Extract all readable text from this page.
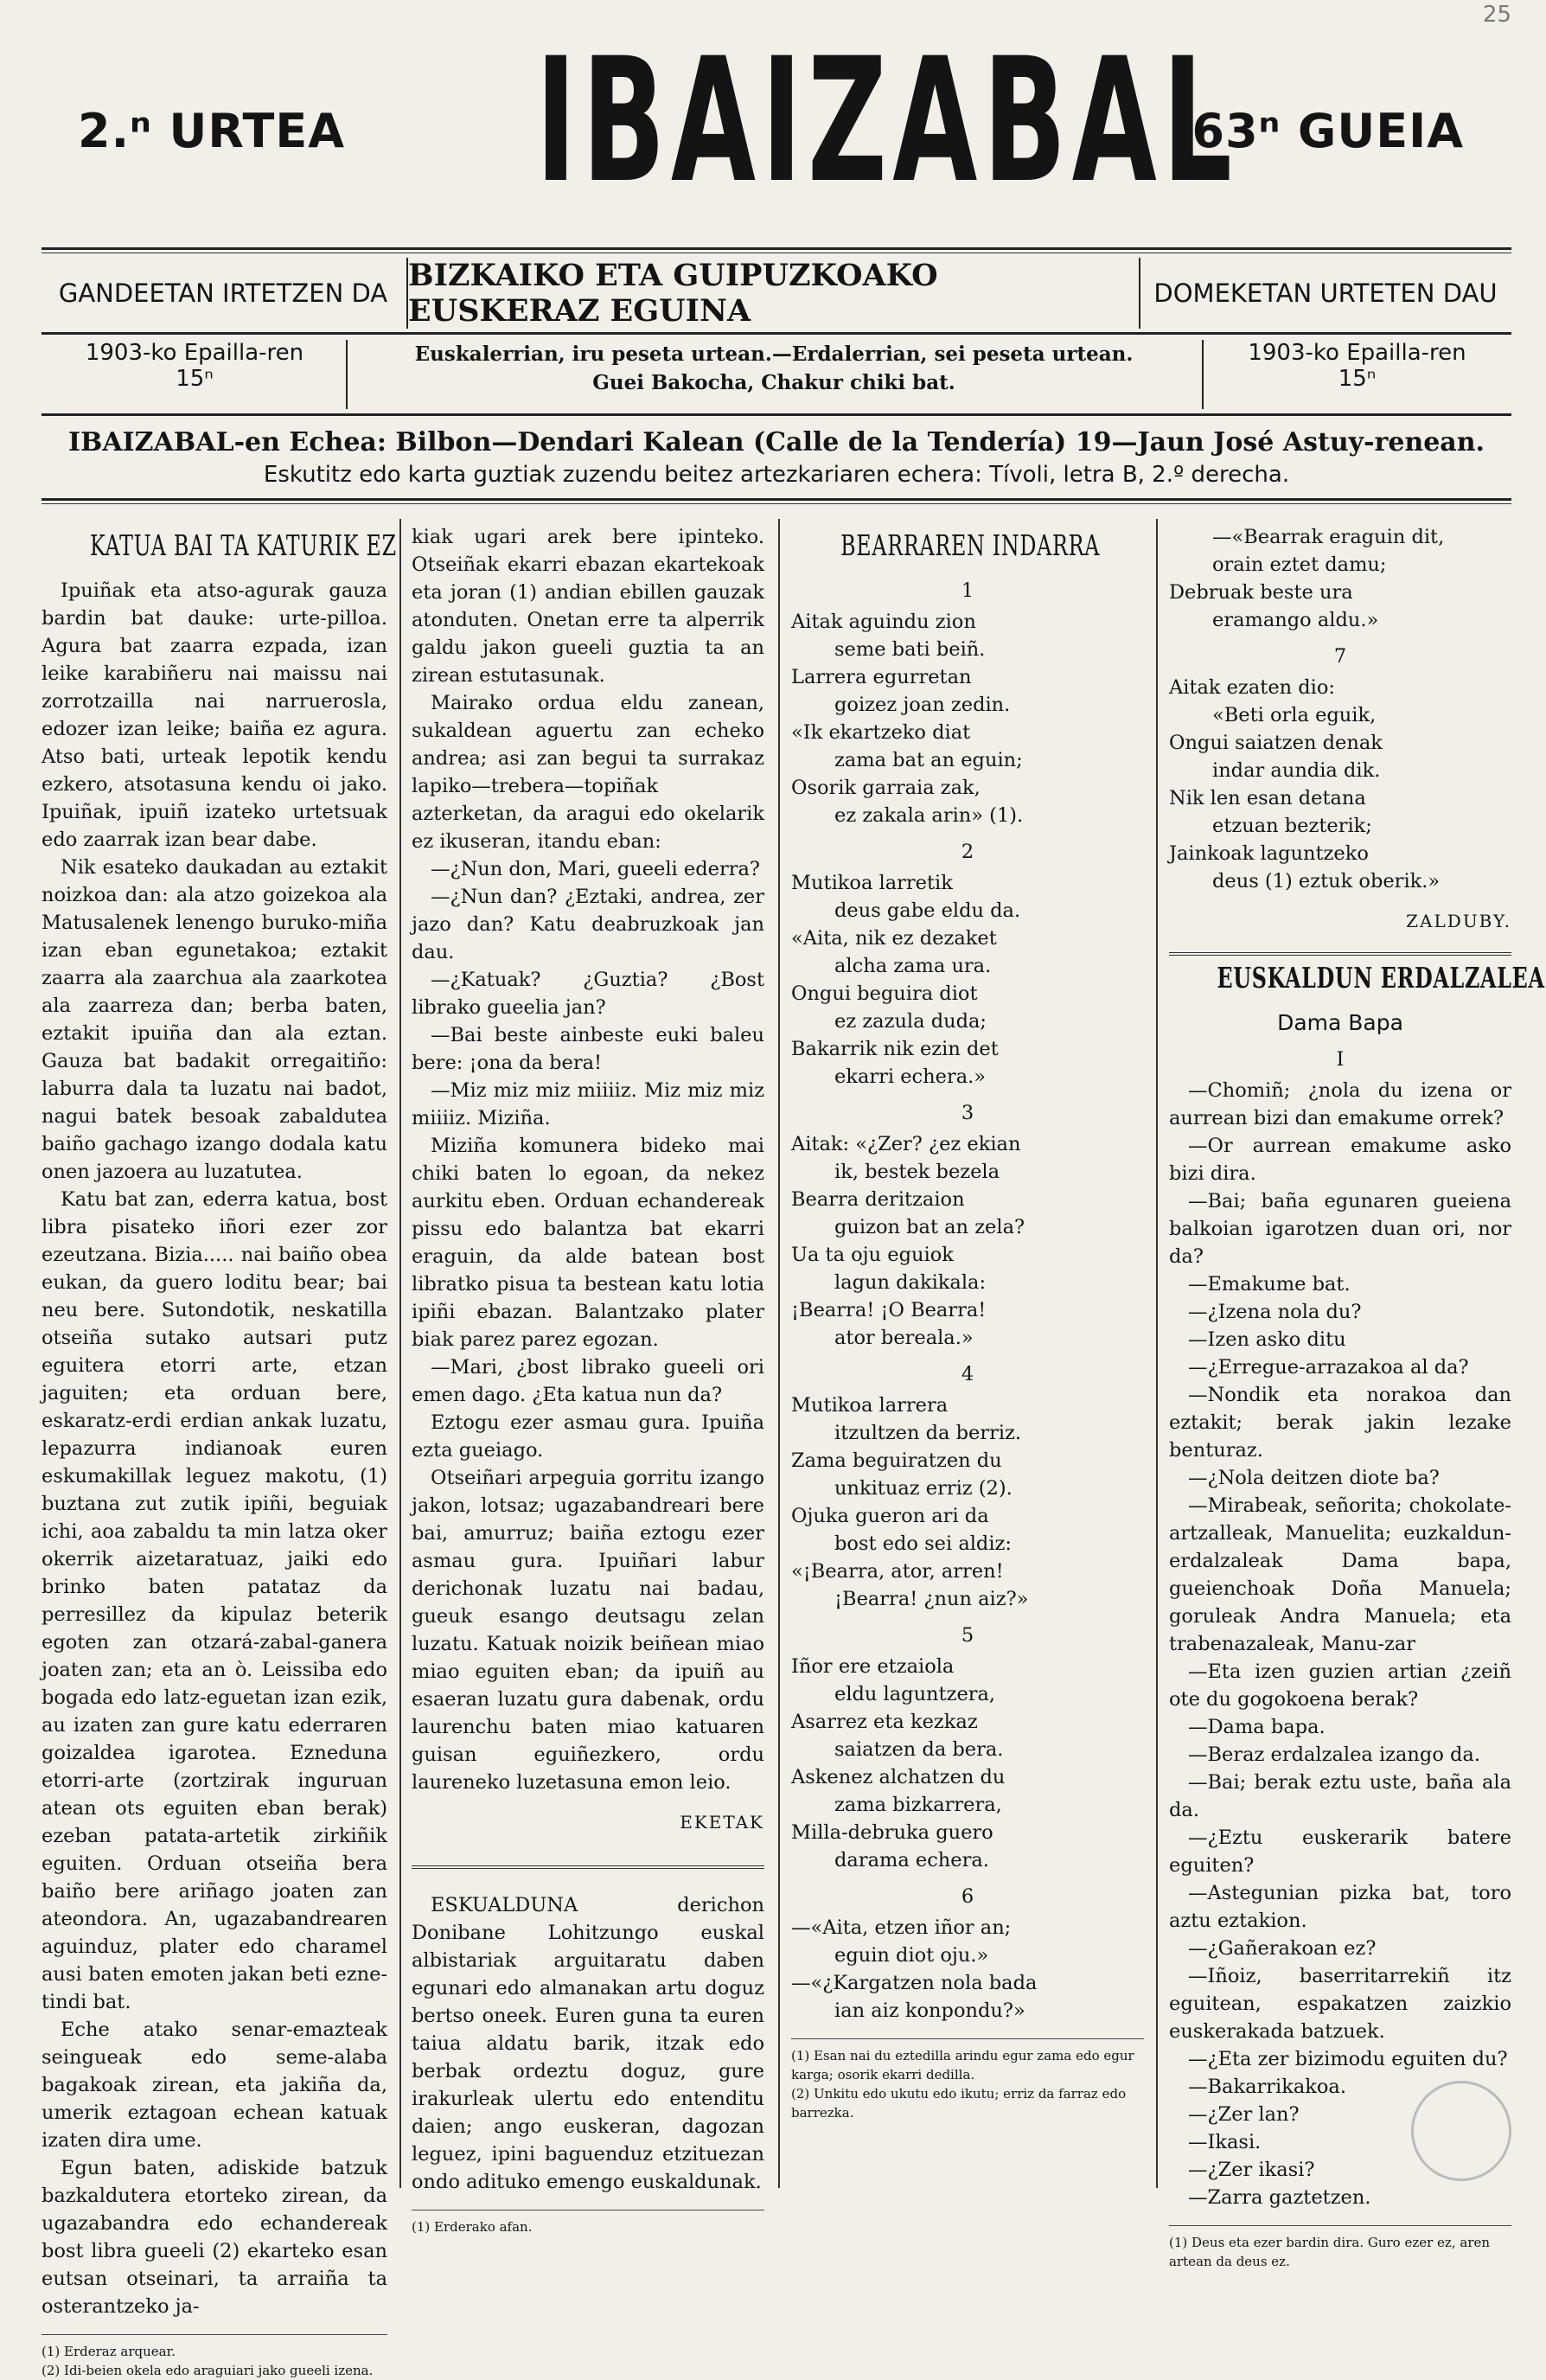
25
2.ⁿ URTEA IBAIZABAL
63ⁿ GUEIA
GANDEETAN IRTETZEN DA BIZKAIKO ETA GUIPUZKOAKO EUSKERAZ EGUINA	DOMEKETAN URTETEN DAU
1903-ko Epailla-ren
15ⁿ
Euskalerrian, iru peseta urtean.—Erdalerrian, sei peseta urtean.
Guei Bakocha, Chakur chiki bat.
1903-ko Epailla-ren
15ⁿ
IBAIZABAL-en Echea: Bilbon—Dendari Kalean (Calle de la Tendería) 19—Jaun José Astuy-renean.
Eskutitz edo karta guztiak zuzendu beitez artezkariaren echera: Tívoli, letra B, 2.º derecha.
KATUA BAI TA KATURIK EZ

Ipuiñak eta atso-agurak gauza bardin bat dauke: urte-pilloa. Agura bat zaarra ezpada, izan leike karabiñeru nai maissu nai zorrotzailla nai narruerosla, edozer izan leike; baiña ez agura. Atso bati, urteak lepotik kendu ezkero, atsotasuna kendu oi jako. Ipuiñak, ipuiñ izateko urtetsuak edo zaarrak izan bear dabe.

Nik esateko daukadan au eztakit noizkoa dan: ala atzo goizekoa ala Matusalenek lenengo buruko-miña izan eban egunetakoa; eztakit zaarra ala zaarchua ala zaarkotea ala zaarreza dan; berba baten, eztakit ipuiña dan ala eztan. Gauza bat badakit orregaitiño: laburra dala ta luzatu nai badot, nagui batek besoak zabaldutea baiño gachago izango dodala katu onen jazoera au luzatutea.

Katu bat zan, ederra katua, bost libra pisateko iñori ezer zor ezeutzana. Bizia..... nai baiño obea eukan, da guero loditu bear; bai neu bere. Sutondotik, neskatilla otseiña sutako autsari putz eguitera etorri arte, etzan jaguiten; eta orduan bere, eskaratz-erdi erdian ankak luzatu, lepazurra indianoak euren eskumakillak leguez makotu, (1) buztana zut zutik ipiñi, beguiak ichi, aoa zabaldu ta min latza oker okerrik aizetaratuaz, jaiki edo brinko baten patataz da perresillez da kipulaz beterik egoten zan otzará-zabal-ganera joaten zan; eta an ò. Leissiba edo bogada edo latz-eguetan izan ezik, au izaten zan gure katu ederraren goizaldea igarotea. Ezneduna etorri-arte (zortzirak inguruan atean ots eguiten eban berak) ezeban patata-artetik zirkiñik eguiten. Orduan otseiña bera baiño bere ariñago joaten zan ateondora. An, ugazabandrearen aguinduz, plater edo charamel ausi baten emoten jakan beti ezne-tindi bat.

Eche atako senar-emazteak seingueak edo seme-alaba bagakoak zirean, eta jakiña da, umerik eztagoan echean katuak izaten dira ume.

Egun baten, adiskide batzuk bazkaldutera etorteko zirean, da ugazabandra edo echandereak bost libra gueeli (2) ekarteko esan eutsan otseinari, ta arraiña ta osterantzeko ja-

(1) Erderaz arquear.
(2) Idi-beien okela edo araguiari jako gueeli izena.

kiak ugari arek bere ipinteko. Otseiñak ekarri ebazan ekartekoak eta joran (1) andian ebillen gauzak atonduten. Onetan erre ta alperrik galdu jakon gueeli guztia ta an zirean estutasunak.

Mairako ordua eldu zanean, sukaldean aguertu zan echeko andrea; asi zan begui ta surrakaz lapiko—trebera—topiñak azterketan, da aragui edo okelarik ez ikuseran, itandu eban:

—¿Nun don, Mari, gueeli ederra?

—¿Nun dan? ¿Eztaki, andrea, zer jazo dan? Katu deabruzkoak jan dau.

—¿Katuak? ¿Guztia? ¿Bost librako gueelia jan?

—Bai beste ainbeste euki baleu bere: ¡ona da bera!

—Miz miz miz miiiiz. Miz miz miz miiiiz. Miziña.

Miziña komunera bideko mai chiki baten lo egoan, da nekez aurkitu eben. Orduan echandereak pissu edo balantza bat ekarri eraguin, da alde batean bost libratko pisua ta bestean katu lotia ipiñi ebazan. Balantzako plater biak parez parez egozan.

—Mari, ¿bost librako gueeli ori emen dago. ¿Eta katua nun da?

Eztogu ezer asmau gura. Ipuiña ezta gueiago.

Otseiñari arpeguia gorritu izango jakon, lotsaz; ugazabandreari bere bai, amurruz; baiña eztogu ezer asmau gura. Ipuiñari labur derichonak luzatu nai badau, gueuk esango deutsagu zelan luzatu. Katuak noizik beiñean miao miao eguiten eban; da ipuiñ au esaeran luzatu gura dabenak, ordu laurenchu baten miao katuaren guisan eguiñezkero, ordu laureneko luzetasuna emon leio.

EKETAK

ESKUALDUNA derichon Donibane Lohitzungo euskal albistariak arguitaratu daben egunari edo almanakan artu doguz bertso oneek. Euren guna ta euren taiua aldatu barik, itzak edo berbak ordeztu doguz, gure irakurleak ulertu edo entenditu daien; ango euskeran, dagozan leguez, ipini baguenduz etzituezan ondo adituko emengo euskaldunak.

(1) Erderako afan.
BEARRAREN INDARRA
1
Aitak aguindu zion
seme bati beiñ.
Larrera egurretan
goizez joan zedin.
«Ik ekartzeko diat
zama bat an eguin;
Osorik garraia zak,
ez zakala arin» (1).
2
Mutikoa larretik
deus gabe eldu da.
«Aita, nik ez dezaket
alcha zama ura.
Ongui beguira diot
ez zazula duda;
Bakarrik nik ezin det
ekarri echera.»
3
Aitak: «¿Zer? ¿ez ekian
ik, bestek bezela
Bearra deritzaion
guizon bat an zela?
Ua ta oju eguiok
lagun dakikala:
¡Bearra! ¡O Bearra!
ator bereala.»
4
Mutikoa larrera
itzultzen da berriz.
Zama beguiratzen du
unkituaz erriz (2).
Ojuka gueron ari da
bost edo sei aldiz:
«¡Bearra, ator, arren!
¡Bearra! ¿nun aiz?»
5
Iñor ere etzaiola
eldu laguntzera,
Asarrez eta kezkaz
saiatzen da bera.
Askenez alchatzen du
zama bizkarrera,
Milla-debruka guero
darama echera.
6
—«Aita, etzen iñor an;
eguin diot oju.»
—«¿Kargatzen nola bada
ian aiz konpondu?»
(1) Esan nai du eztedilla arindu egur zama edo egur karga; osorik ekarri dedilla.
(2) Unkitu edo ukutu edo ikutu; erriz da farraz edo barrezka.
—«Bearrak eraguin dit,
orain eztet damu;
Debruak beste ura
eramango aldu.»
7
Aitak ezaten dio:
«Beti orla eguik,
Ongui saiatzen denak
indar aundia dik.
Nik len esan detana
etzuan bezterik;
Jainkoak laguntzeko
deus (1) eztuk oberik.»
ZALDUBY.
EUSKALDUN ERDALZALEA
Dama Bapa
I

—Chomiñ; ¿nola du izena or aurrean bizi dan emakume orrek?

—Or aurrean emakume asko bizi dira.

—Bai; baña egunaren gueiena balkoian igarotzen duan ori, nor da?

—Emakume bat.

—¿Izena nola du?

—Izen asko ditu

—¿Erregue-arrazakoa al da?

—Nondik eta norakoa dan eztakit; berak jakin lezake benturaz.

—¿Nola deitzen diote ba?

—Mirabeak, señorita; chokolate-artzalleak, Manuelita; euzkaldun-erdalzaleak Dama bapa, gueienchoak Doña Manuela; goruleak Andra Manuela; eta trabenazaleak, Manu-zar

—Eta izen guzien artian ¿zeiñ ote du gogokoena berak?

—Dama bapa.

—Beraz erdalzalea izango da.

—Bai; berak eztu uste, baña ala da.

—¿Eztu euskerarik batere eguiten?

—Astegunian pizka bat, toro aztu eztakion.

—¿Gañerakoan ez?

—Iñoiz, baserritarrekiñ itz eguitean, espakatzen zaizkio euskerakada batzuek.

—¿Eta zer bizimodu eguiten du?

—Bakarrikakoa.

—¿Zer lan?

—Ikasi.

—¿Zer ikasi?

—Zarra gaztetzen.

(1) Deus eta ezer bardin dira. Guro ezer ez, aren artean da deus ez.
